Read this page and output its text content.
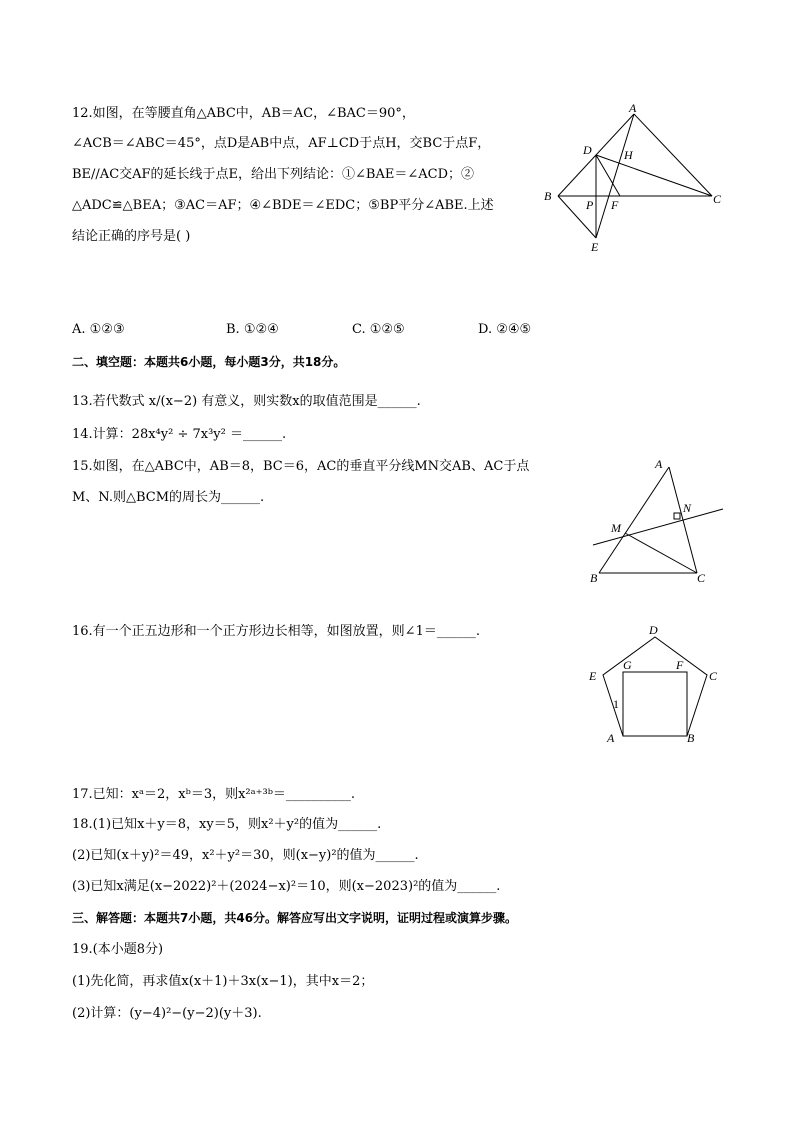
12.如图，在等腰直角△ABC中，AB＝AC，∠BAC＝90°，
∠ACB＝∠ABC＝45°，点D是AB中点，AF⊥CD于点H，交BC于点F，
BE//AC交AF的延长线于点E，给出下列结论：①∠BAE＝∠ACD；②
△ADC≌△BEA；③AC＝AF；④∠BDE＝∠EDC；⑤BP平分∠ABE.上述
结论正确的序号是( )
A. ①②③	B. ①②④	C. ①②⑤	D. ②④⑤
A
B	C
D
E
F
H
P
二、填空题：本题共6小题，每小题3分，共18分。
13.若代数式 x/(x−2) 有意义，则实数x的取值范围是______.
14.计算：28x⁴y² ÷ 7x³y² ＝______.
15.如图，在△ABC中，AB＝8，BC＝6，AC的垂直平分线MN交AB、AC于点
M、N.则△BCM的周长为______.
A
B	C
M
N
16.有一个正五边形和一个正方形边长相等，如图放置，则∠1＝______.	D
E	C
A	B
G	F
1
17.已知：xᵃ＝2，xᵇ＝3，则x²ᵃ⁺³ᵇ＝__________.
18.(1)已知x＋y＝8，xy＝5，则x²＋y²的值为______.
(2)已知(x＋y)²＝49，x²＋y²＝30，则(x−y)²的值为______.
(3)已知x满足(x−2022)²＋(2024−x)²＝10，则(x−2023)²的值为______.
三、解答题：本题共7小题，共46分。解答应写出文字说明，证明过程或演算步骤。
19.(本小题8分)
(1)先化简，再求值x(x＋1)＋3x(x−1)，其中x＝2；
(2)计算：(y−4)²−(y−2)(y＋3).
